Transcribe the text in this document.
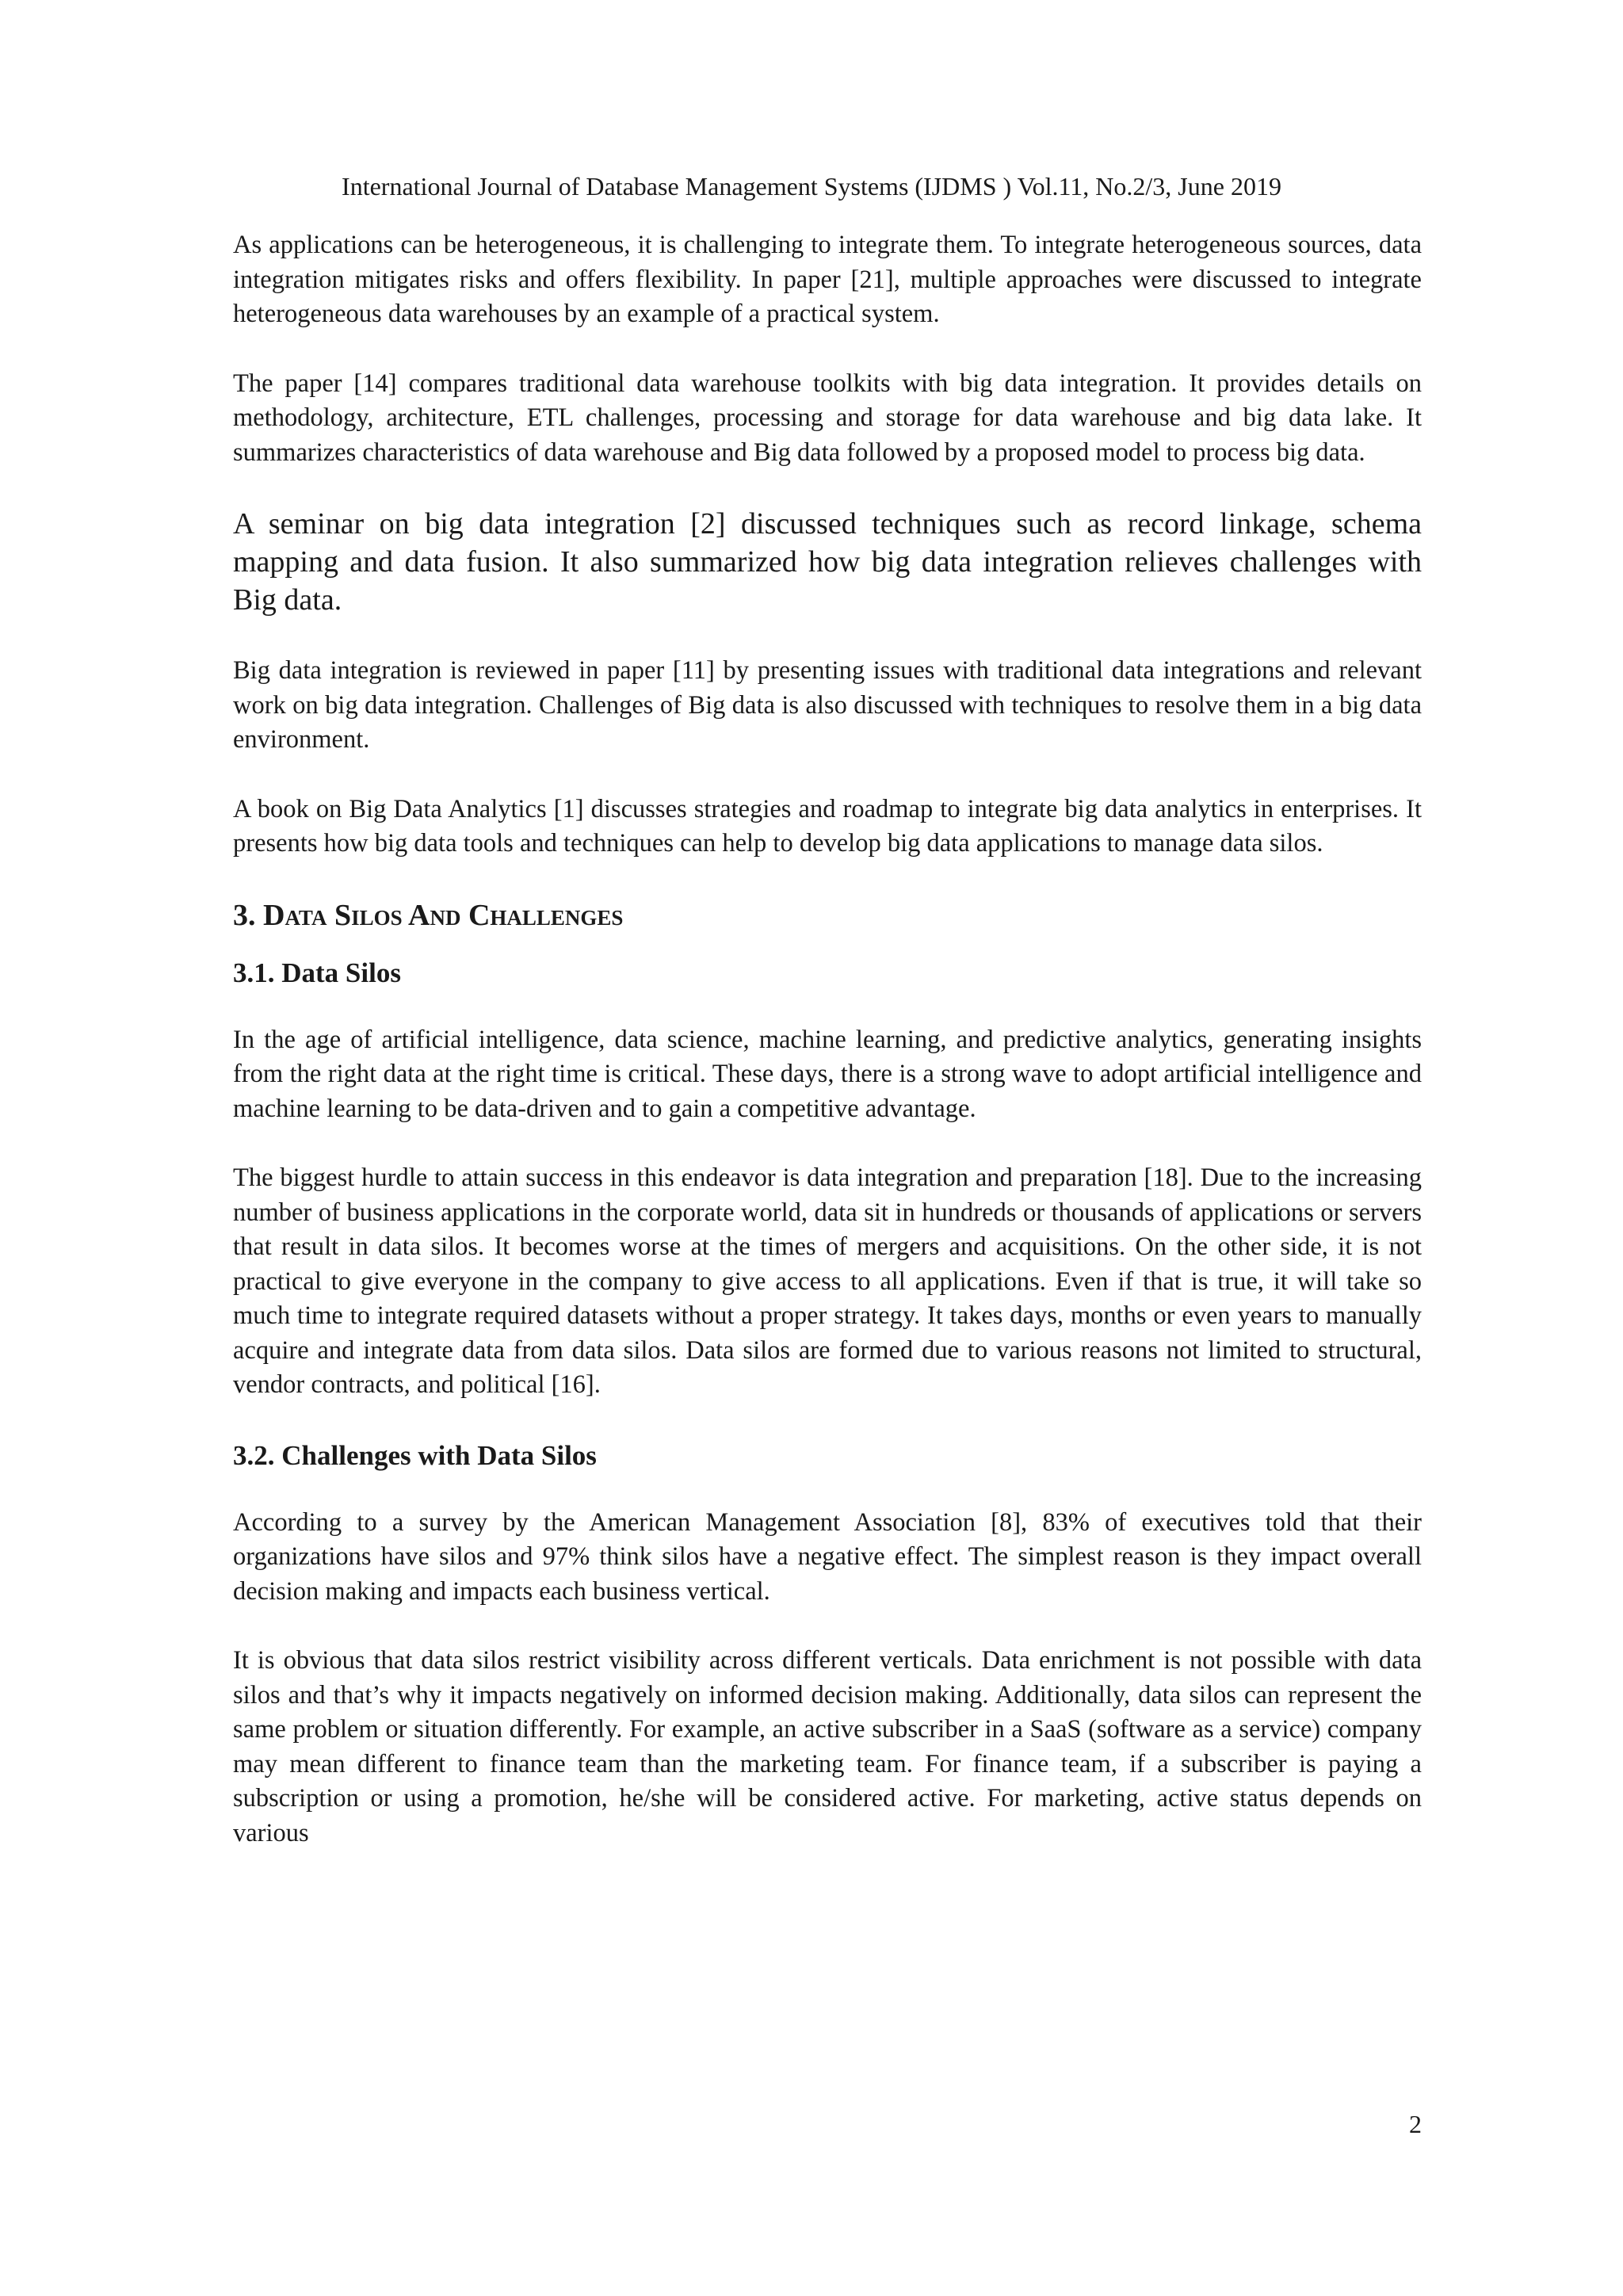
International Journal of Database Management Systems (IJDMS ) Vol.11, No.2/3, June 2019

As applications can be heterogeneous, it is challenging to integrate them. To integrate heterogeneous sources, data integration mitigates risks and offers flexibility. In paper [21], multiple approaches were discussed to integrate heterogeneous data warehouses by an example of a practical system.

The paper [14] compares traditional data warehouse toolkits with big data integration. It provides details on methodology, architecture, ETL challenges, processing and storage for data warehouse and big data lake. It summarizes characteristics of data warehouse and Big data followed by a proposed model to process big data.

A seminar on big data integration [2] discussed techniques such as record linkage, schema mapping and data fusion. It also summarized how big data integration relieves challenges with Big data.

Big data integration is reviewed in paper [11] by presenting issues with traditional data integrations and relevant work on big data integration. Challenges of Big data is also discussed with techniques to resolve them in a big data environment.

A book on Big Data Analytics [1] discusses strategies and roadmap to integrate big data analytics in enterprises. It presents how big data tools and techniques can help to develop big data applications to manage data silos.

3. Data Silos And Challenges
3.1. Data Silos

In the age of artificial intelligence, data science, machine learning, and predictive analytics, generating insights from the right data at the right time is critical. These days, there is a strong wave to adopt artificial intelligence and machine learning to be data-driven and to gain a competitive advantage.

The biggest hurdle to attain success in this endeavor is data integration and preparation [18]. Due to the increasing number of business applications in the corporate world, data sit in hundreds or thousands of applications or servers that result in data silos. It becomes worse at the times of mergers and acquisitions. On the other side, it is not practical to give everyone in the company to give access to all applications. Even if that is true, it will take so much time to integrate required datasets without a proper strategy. It takes days, months or even years to manually acquire and integrate data from data silos. Data silos are formed due to various reasons not limited to structural, vendor contracts, and political [16].

3.2. Challenges with Data Silos

According to a survey by the American Management Association [8], 83% of executives told that their organizations have silos and 97% think silos have a negative effect. The simplest reason is they impact overall decision making and impacts each business vertical.

It is obvious that data silos restrict visibility across different verticals. Data enrichment is not possible with data silos and that’s why it impacts negatively on informed decision making. Additionally, data silos can represent the same problem or situation differently. For example, an active subscriber in a SaaS (software as a service) company may mean different to finance team than the marketing team. For finance team, if a subscriber is paying a subscription or using a promotion, he/she will be considered active. For marketing, active status depends on various

2
